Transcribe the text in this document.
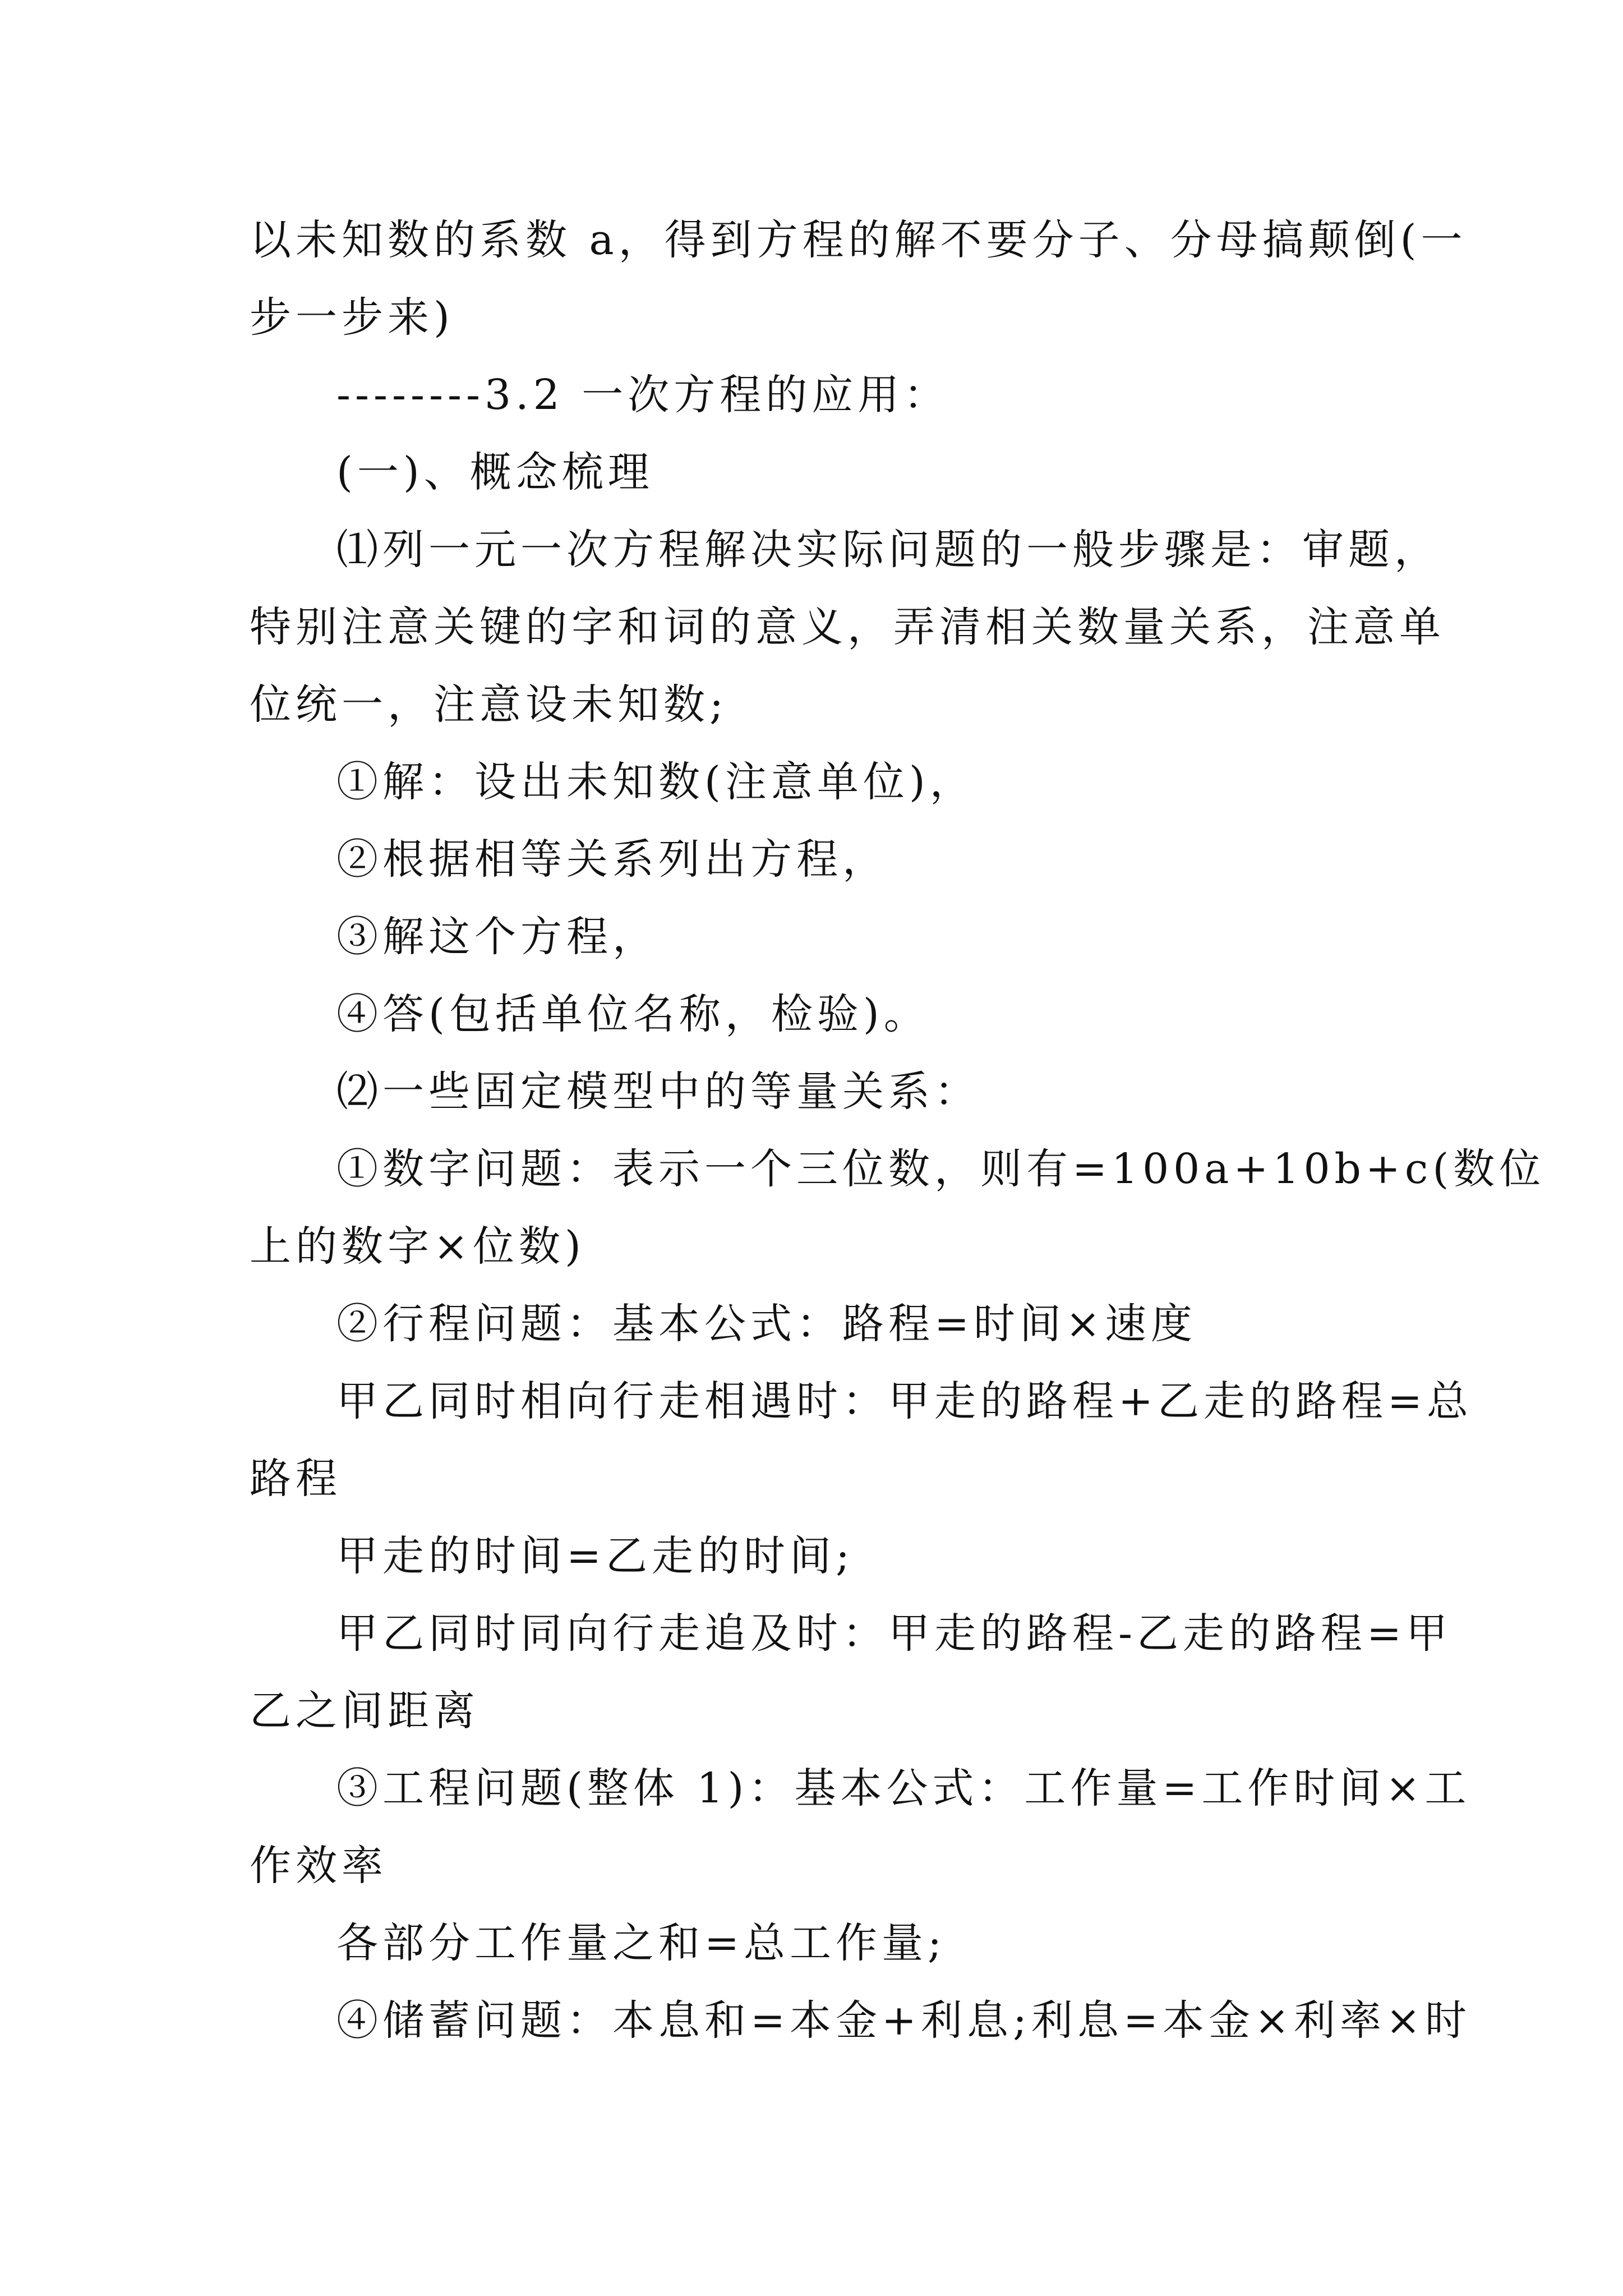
以未知数的系数 a，得到方程的解不要分子、分母搞颠倒(一

步一步来)

--------3.2 一次方程的应用：

(一)、概念梳理

⑴列一元一次方程解决实际问题的一般步骤是：审题，

特别注意关键的字和词的意义，弄清相关数量关系，注意单

位统一，注意设未知数;

①解：设出未知数(注意单位)，

②根据相等关系列出方程，

③解这个方程，

④答(包括单位名称，检验)。

⑵一些固定模型中的等量关系：

①数字问题：表示一个三位数，则有=100a+10b+c(数位

上的数字×位数)

②行程问题：基本公式：路程=时间×速度

甲乙同时相向行走相遇时：甲走的路程+乙走的路程=总

路程

甲走的时间=乙走的时间;

甲乙同时同向行走追及时：甲走的路程-乙走的路程=甲

乙之间距离

③工程问题(整体 1)：基本公式：工作量=工作时间×工

作效率

各部分工作量之和=总工作量;

④储蓄问题：本息和=本金+利息;利息=本金×利率×时
